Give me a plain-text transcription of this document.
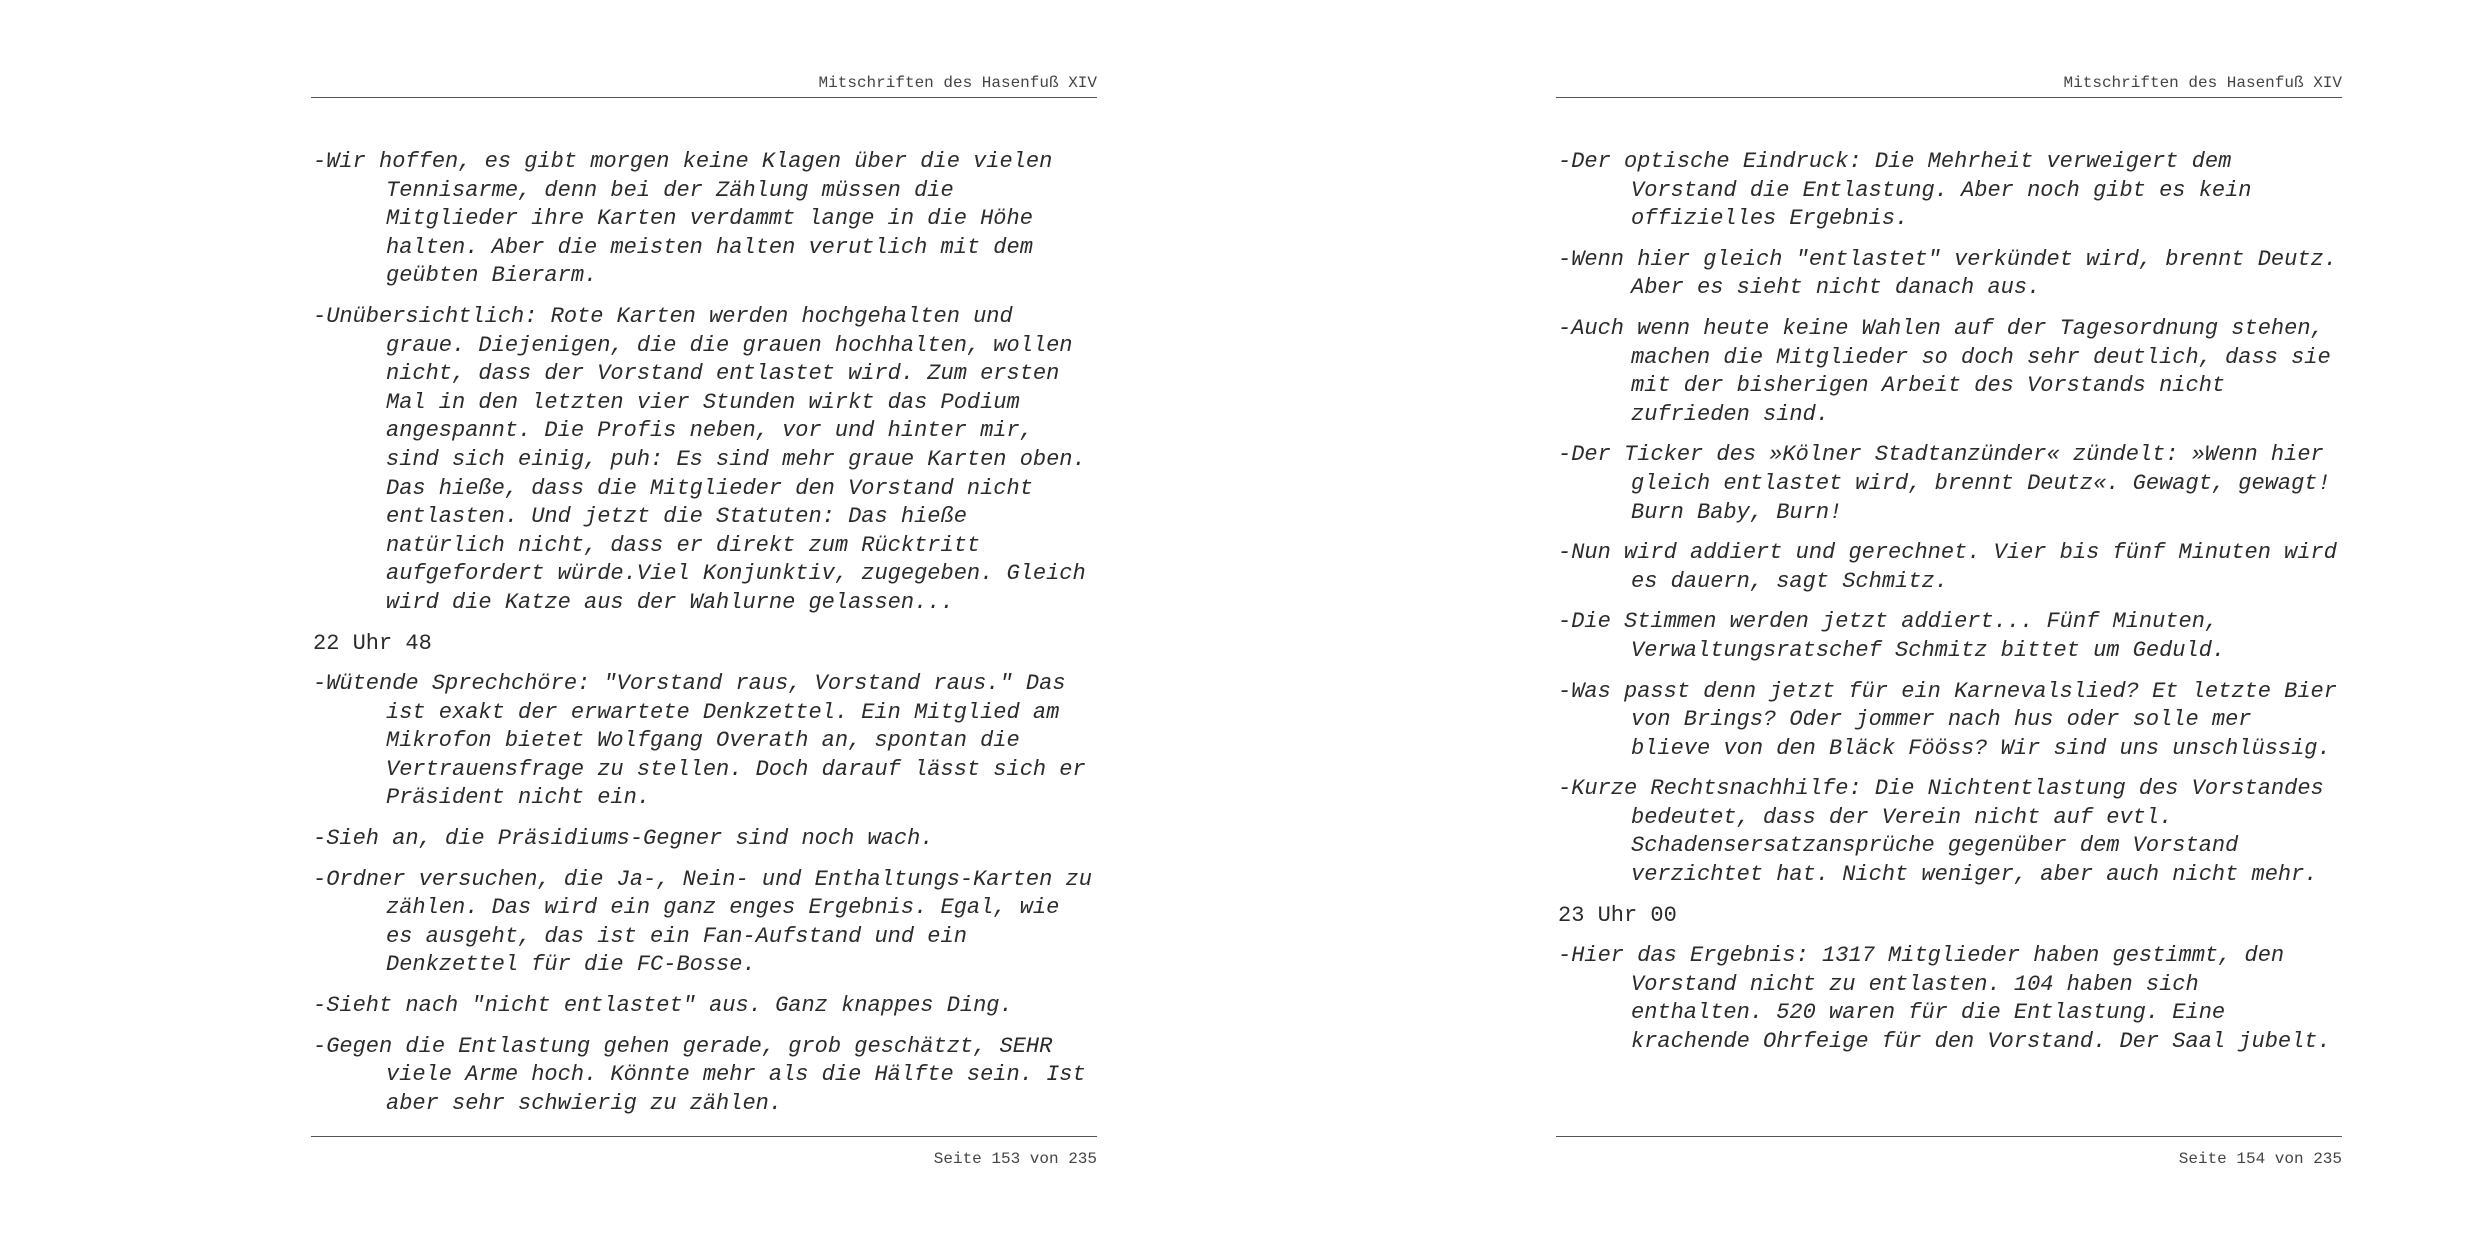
Mitschriften des Hasenfuß XIV

-Wir hoffen, es gibt morgen keine Klagen über die vielen Tennisarme, denn bei der Zählung müssen die Mitglieder ihre Karten verdammt lange in die Höhe halten. Aber die meisten halten verutlich mit dem geübten Bierarm.

-Unübersichtlich: Rote Karten werden hochgehalten und graue. Diejenigen, die die grauen hochhalten, wollen nicht, dass der Vorstand entlastet wird. Zum ersten Mal in den letzten vier Stunden wirkt das Podium angespannt. Die Profis neben, vor und hinter mir, sind sich einig, puh: Es sind mehr graue Karten oben. Das hieße, dass die Mitglieder den Vorstand nicht entlasten. Und jetzt die Statuten: Das hieße natürlich nicht, dass er direkt zum Rücktritt aufgefordert würde.Viel Konjunktiv, zugegeben. Gleich wird die Katze aus der Wahlurne gelassen...

22 Uhr 48

-Wütende Sprechchöre: "Vorstand raus, Vorstand raus." Das ist exakt der erwartete Denkzettel. Ein Mitglied am Mikrofon bietet Wolfgang Overath an, spontan die Vertrauensfrage zu stellen. Doch darauf lässt sich er Präsident nicht ein.

-Sieh an, die Präsidiums-Gegner sind noch wach.

-Ordner versuchen, die Ja-, Nein- und Enthaltungs-Karten zu zählen. Das wird ein ganz enges Ergebnis. Egal, wie es ausgeht, das ist ein Fan-Aufstand und ein Denkzettel für die FC-Bosse.

-Sieht nach "nicht entlastet" aus. Ganz knappes Ding.

-Gegen die Entlastung gehen gerade, grob geschätzt, SEHR viele Arme hoch. Könnte mehr als die Hälfte sein. Ist aber sehr schwierig zu zählen.

Seite 153 von 235
Mitschriften des Hasenfuß XIV

-Der optische Eindruck: Die Mehrheit verweigert dem Vorstand die Entlastung. Aber noch gibt es kein offizielles Ergebnis.

-Wenn hier gleich "entlastet" verkündet wird, brennt Deutz. Aber es sieht nicht danach aus.

-Auch wenn heute keine Wahlen auf der Tagesordnung stehen, machen die Mitglieder so doch sehr deutlich, dass sie mit der bisherigen Arbeit des Vorstands nicht zufrieden sind.

-Der Ticker des »Kölner Stadtanzünder« zündelt: »Wenn hier gleich entlastet wird, brennt Deutz«. Gewagt, gewagt! Burn Baby, Burn!

-Nun wird addiert und gerechnet. Vier bis fünf Minuten wird es dauern, sagt Schmitz.

-Die Stimmen werden jetzt addiert... Fünf Minuten, Verwaltungsratschef Schmitz bittet um Geduld.

-Was passt denn jetzt für ein Karnevalslied? Et letzte Bier von Brings? Oder jommer nach hus oder solle mer blieve von den Bläck Fööss? Wir sind uns unschlüssig.

-Kurze Rechtsnachhilfe: Die Nichtentlastung des Vorstandes bedeutet, dass der Verein nicht auf evtl. Schadensersatzansprüche gegenüber dem Vorstand verzichtet hat. Nicht weniger, aber auch nicht mehr.

23 Uhr 00

-Hier das Ergebnis: 1317 Mitglieder haben gestimmt, den Vorstand nicht zu entlasten. 104 haben sich enthalten. 520 waren für die Entlastung. Eine krachende Ohrfeige für den Vorstand. Der Saal jubelt.

Seite 154 von 235
